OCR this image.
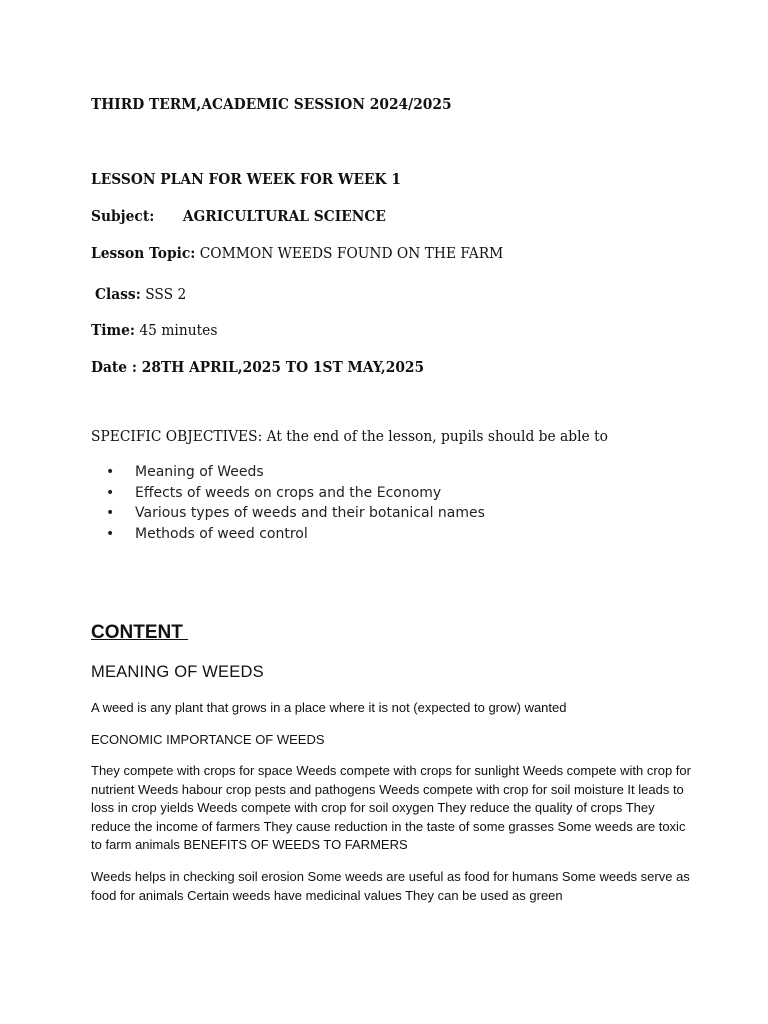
THIRD TERM,ACADEMIC SESSION 2024/2025
LESSON PLAN FOR WEEK FOR WEEK 1
Subject: AGRICULTURAL SCIENCE
Lesson Topic: COMMON WEEDS FOUND ON THE FARM
Class: SSS 2
Time: 45 minutes
Date : 28TH APRIL,2025 TO 1ST MAY,2025
SPECIFIC OBJECTIVES: At the end of the lesson, pupils should be able to
• Meaning of Weeds
• Effects of weeds on crops and the Economy
• Various types of weeds and their botanical names
• Methods of weed control
CONTENT
MEANING OF WEEDS
A weed is any plant that grows in a place where it is not (expected to grow) wanted
ECONOMIC IMPORTANCE OF WEEDS
They compete with crops for space Weeds compete with crops for sunlight Weeds compete with crop for nutrient Weeds habour crop pests and pathogens Weeds compete with crop for soil moisture It leads to loss in crop yields Weeds compete with crop for soil oxygen They reduce the quality of crops They reduce the income of farmers They cause reduction in the taste of some grasses Some weeds are toxic to farm animals BENEFITS OF WEEDS TO FARMERS
Weeds helps in checking soil erosion Some weeds are useful as food for humans Some weeds serve as food for animals Certain weeds have medicinal values They can be used as green
